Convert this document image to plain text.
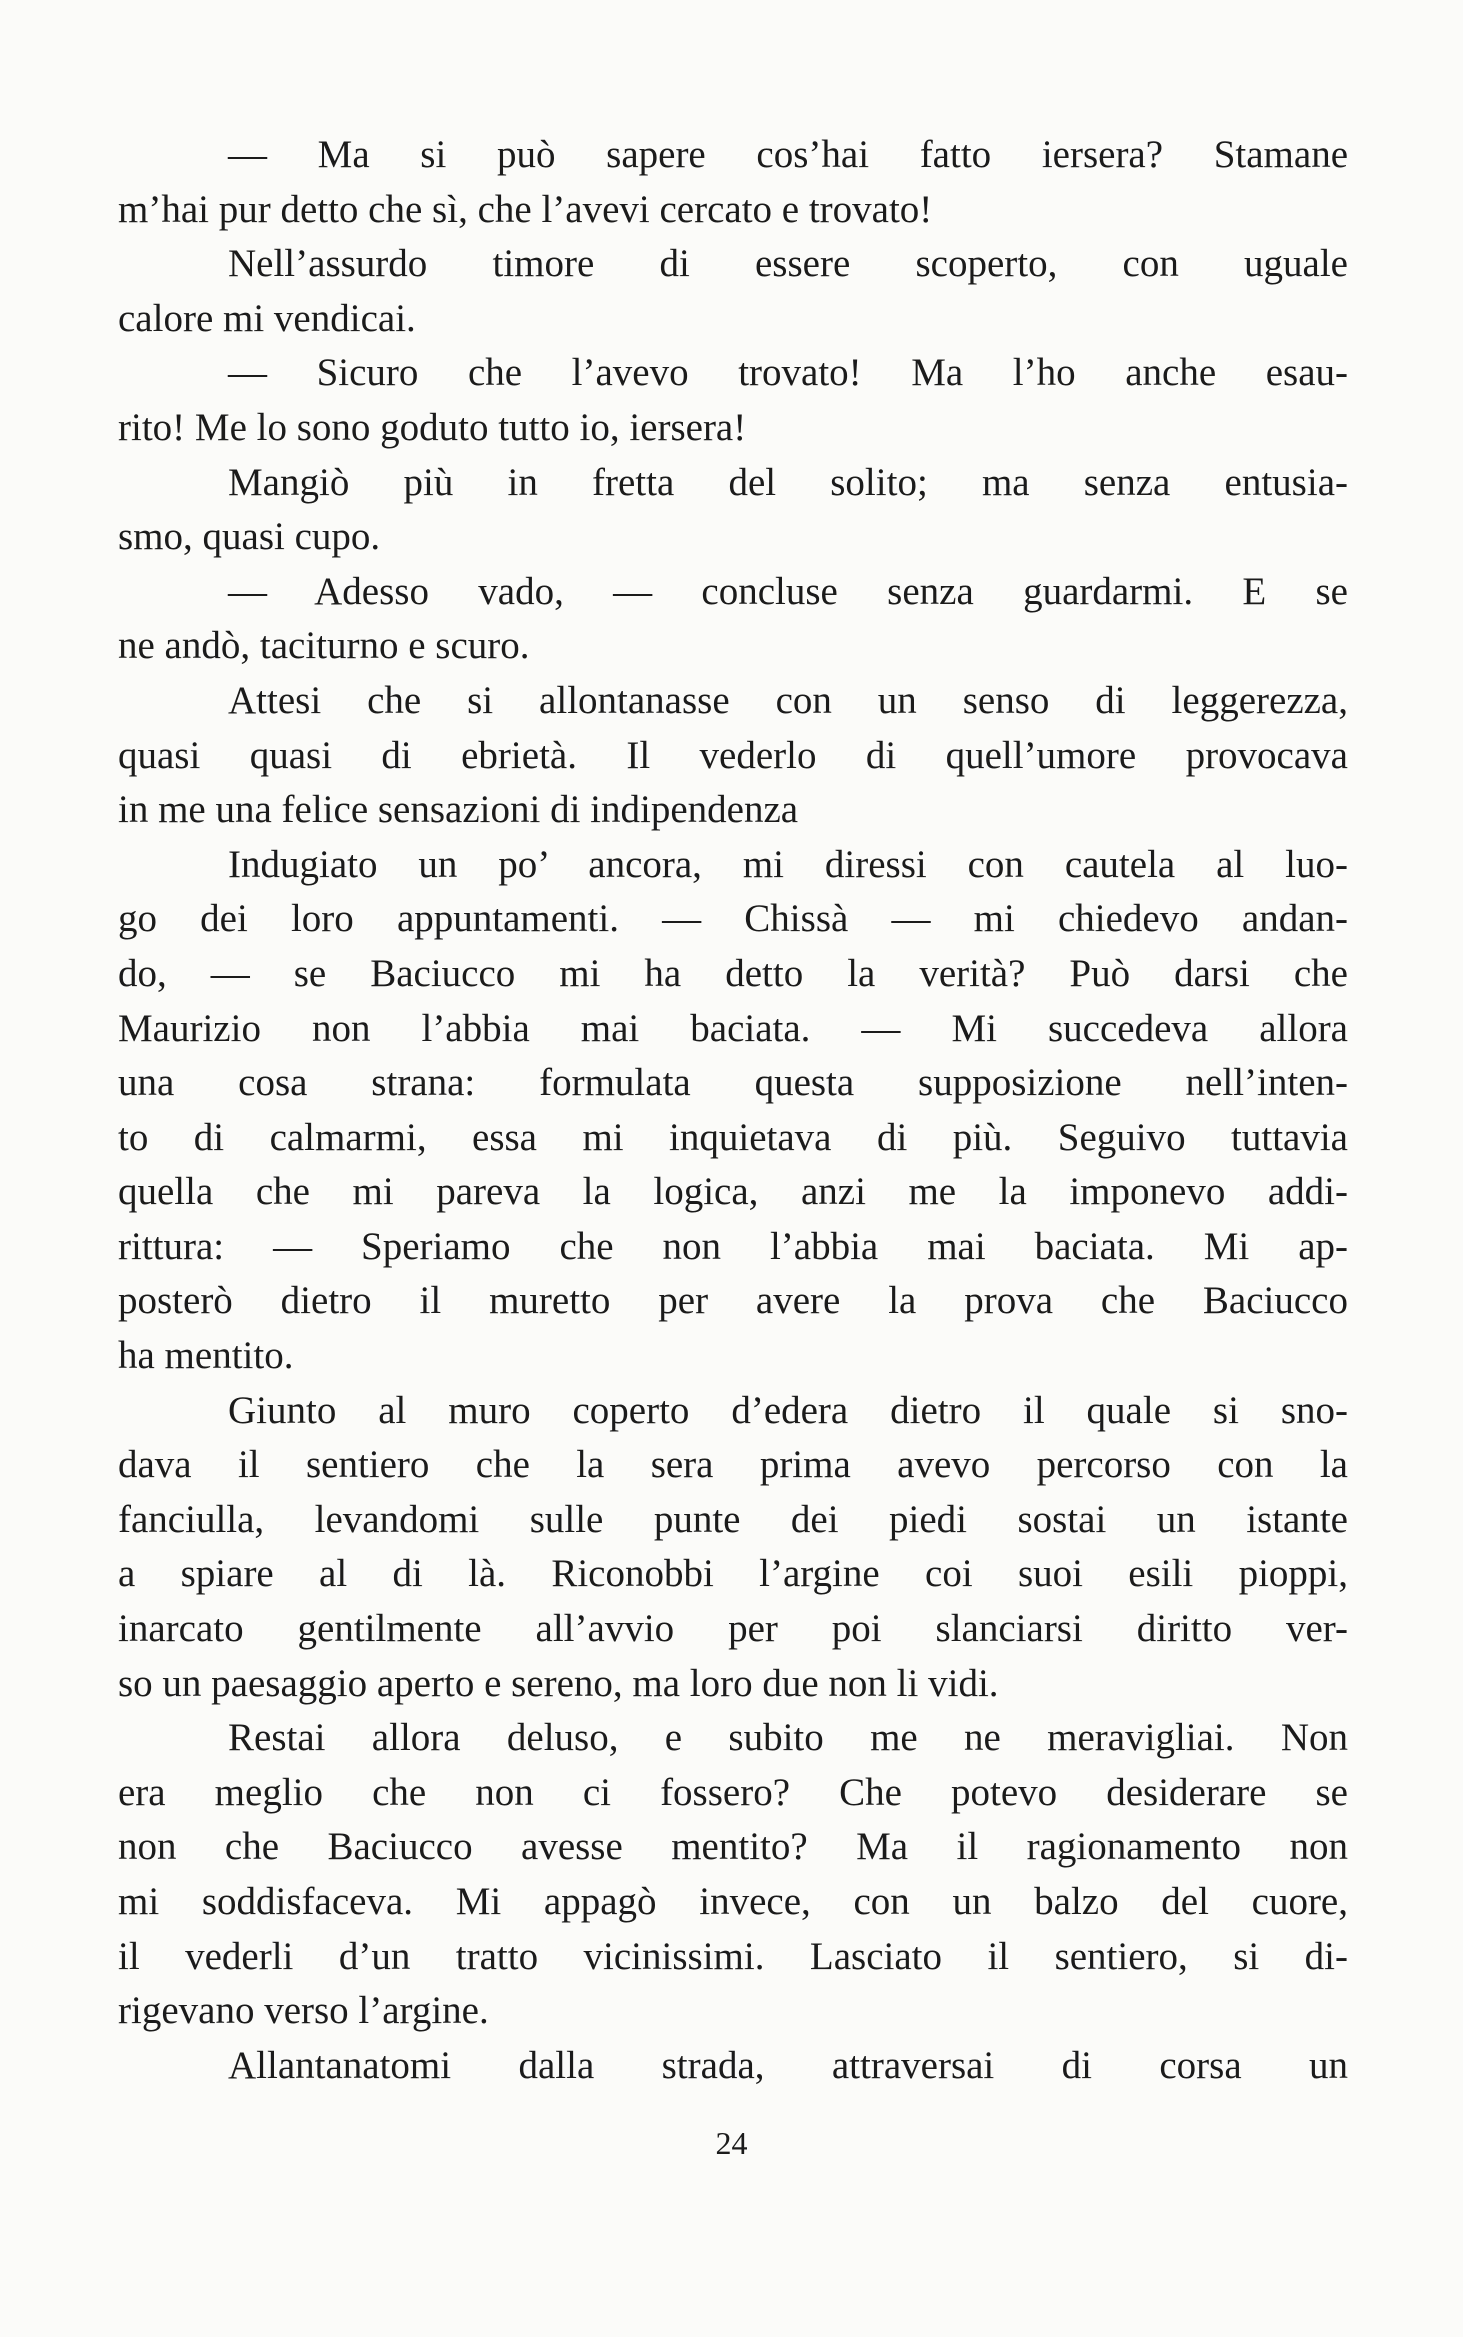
— Ma si può sapere cos’hai fatto iersera? Stamane
m’hai pur detto che sì, che l’avevi cercato e trovato!
Nell’assurdo timore di essere scoperto, con uguale
calore mi vendicai.
— Sicuro che l’avevo trovato! Ma l’ho anche esau-
rito! Me lo sono goduto tutto io, iersera!
Mangiò più in fretta del solito; ma senza entusia-
smo, quasi cupo.
— Adesso vado, — concluse senza guardarmi. E se
ne andò, taciturno e scuro.
Attesi che si allontanasse con un senso di leggerezza,
quasi quasi di ebrietà. Il vederlo di quell’umore provocava
in me una felice sensazioni di indipendenza
Indugiato un po’ ancora, mi diressi con cautela al luo-
go dei loro appuntamenti. — Chissà — mi chiedevo andan-
do, — se Baciucco mi ha detto la verità? Può darsi che
Maurizio non l’abbia mai baciata. — Mi succedeva allora
una cosa strana: formulata questa supposizione nell’inten-
to di calmarmi, essa mi inquietava di più. Seguivo tuttavia
quella che mi pareva la logica, anzi me la imponevo addi-
rittura: — Speriamo che non l’abbia mai baciata. Mi ap-
posterò dietro il muretto per avere la prova che Baciucco
ha mentito.
Giunto al muro coperto d’edera dietro il quale si sno-
dava il sentiero che la sera prima avevo percorso con la
fanciulla, levandomi sulle punte dei piedi sostai un istante
a spiare al di là. Riconobbi l’argine coi suoi esili pioppi,
inarcato gentilmente all’avvio per poi slanciarsi diritto ver-
so un paesaggio aperto e sereno, ma loro due non li vidi.
Restai allora deluso, e subito me ne meravigliai. Non
era meglio che non ci fossero? Che potevo desiderare se
non che Baciucco avesse mentito? Ma il ragionamento non
mi soddisfaceva. Mi appagò invece, con un balzo del cuore,
il vederli d’un tratto vicinissimi. Lasciato il sentiero, si di-
rigevano verso l’argine.
Allantanatomi dalla strada, attraversai di corsa un
24
